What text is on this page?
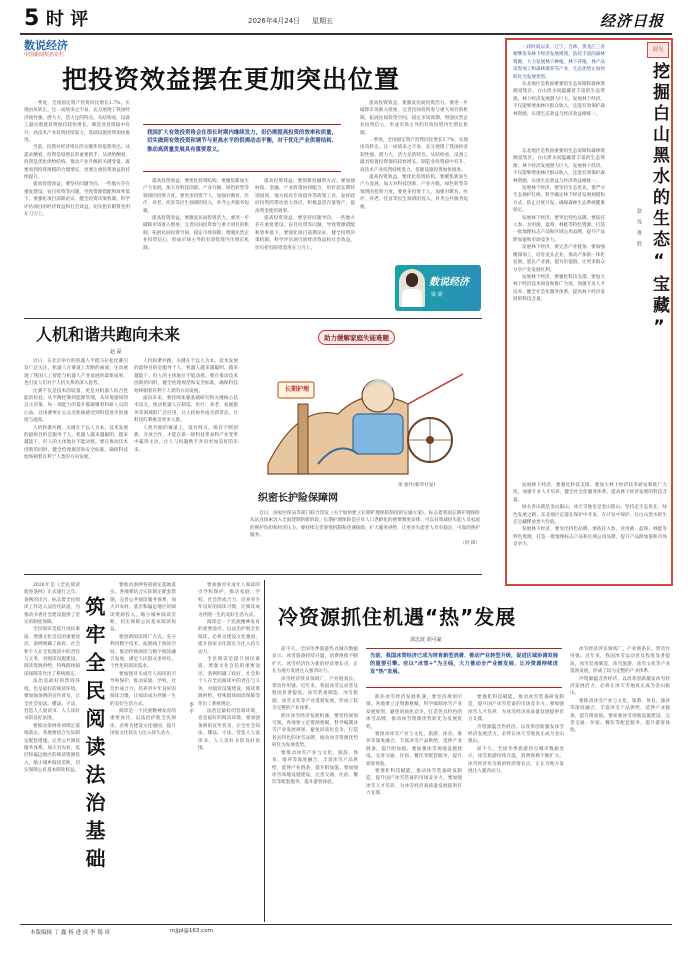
5 时 评	2026年4月24日 星期五	经济日报
数说经济
中国新闻奖名专栏
把投资效益摆在更加突出位置

一季度，全国固定资产投资同比增长1.7%，实现由负转正。这一成绩来之不易，充分展现了我国经济韧性强、潜力大、活力足的特点。从结构看，设备工器具购置投资保持较快增长，制造业投资稳中有升，高技术产业投资持续发力，基础设施投资加快推进。

当前，投资对经济增长的关键作用依然突出。从需求侧看，投资是稳增长的重要抓手；从供给侧看，投资是优化供给结构、推动产业升级的关键变量。既要看到投资规模的合理增长，更要注重投资效益的持续提升。

提高投资效益，要坚持问题导向。一些地方存在重复建设、盲目投资等问题，导致资源错配和效率低下。要强化项目前期论证，健全投资决策机制，科学评估项目的经济效益和社会效益，切实把有限资金用在刀刃上。

我国扩大有效投资将会在很长时期内继续发力，但仍需提高投资的效率和质量，切实做到有效投资和调节与更高水平的供需动态平衡，对于优化产业供需结构、推动高质量发展具有重要意义。

提高投资效益，要优化投资结构。要聚焦新质生产力发展，加大对科技创新、产业升级、绿色转型等领域的投资力度。要更多投资于人，加强对教育、医疗、养老、托育等民生领域的投入，补齐公共服务短板。

提高投资效益，要激发民间投资活力。要进一步破除市场准入壁垒，完善民间投资参与重大项目的机制，拓展民间投资空间，稳定市场预期，增强民营企业投资信心，形成市场主导的有效投资内生增长机制。

提高投资效益，要创新投融资方式。要加强财政、金融、产业政策协同配合，用好超长期特别国债、地方政府专项债券等政策工具，发挥政府投资的带动放大效应，积极盘活存量资产，提高资金使用效率。

提高投资效益，要坚持问题导向。一些地方存在重复建设、盲目投资等问题，导致资源错配和效率低下。要强化项目前期论证，健全投资决策机制，科学评估项目的经济效益和社会效益，切实把有限资金用在刀刃上。

提高投资效益，要激发民间投资活力。要进一步破除市场准入壁垒，完善民间投资参与重大项目的机制，拓展民间投资空间，稳定市场预期，增强民营企业投资信心，形成市场主导的有效投资内生增长机制。

一季度，全国固定资产投资同比增长1.7%，实现由负转正。这一成绩来之不易，充分展现了我国经济韧性强、潜力大、活力足的特点。从结构看，设备工器具购置投资保持较快增长，制造业投资稳中有升，高技术产业投资持续发力，基础设施投资加快推进。

提高投资效益，要优化投资结构。要聚焦新质生产力发展，加大对科技创新、产业升级、绿色转型等领域的投资力度。要更多投资于人，加强对教育、医疗、养老、托育等民生领域的投入，补齐公共服务短板。

数说经济
梁 婧
人机和谐共跑向未来
赵 磊

近日，在北京举行的机器人半程马拉松比赛引发广泛关注。机器人在赛道上奔跑的画面，生动展现了我国人工智能与机器人产业发展的最新成果，也引发人们对于人机关系的深入思考。

比赛不仅是技术的较量，更是对机器人综合性能的检验。从平衡控制到能源管理，从环境感知到自主决策，每一项能力的提升都凝聚着科研人员的心血。这场赛事让公众近距离感受到科技进步的速度与温度。

人机和谐共跑，关键在于以人为本。技术发展的最终目的是服务于人，机器人越来越聪明，越来越能干，但人的主体地位不能动摇。要在推动技术创新的同时，健全伦理规范和安全标准，确保科技始终朝着有利于人类的方向发展。

人机和谐共跑，关键在于以人为本。技术发展的最终目的是服务于人，机器人越来越聪明，越来越能干，但人的主体地位不能动摇。要在推动技术创新的同时，健全伦理规范和安全标准，确保科技始终朝着有利于人类的方向发展。

面向未来，要持续加强基础研究和关键核心技术攻关，推动机器人在制造、医疗、养老、家庭服务等领域的广泛应用，让人机协作成为新常态，让科技红利惠及更多人群。

人机共跑的赛道上，没有终点。唯有不断创新、开放合作，才能在新一轮科技革命和产业变革中赢得主动，让人与机器携手奔向更加美好的未来。

助力缓解家庭失能难题
长期护理
徐 骏作(新华社发)
织密长护险保障网

近日，国家医保局等部门联合印发《关于加快建立长期护理保险制度的实施方案》，标志着我国长期护理保险从试点探索迈入全面建制的新阶段。长期护理保险是应对人口老龄化的重要制度安排，可以有效减轻失能人员家庭的照护负担和经济压力。要持续完善筹资机制和待遇保障，扩大服务供给，让更多失能老人享有稳定、可靠的照护服务。

（时 锋）
筑牢全民阅读法治基础

2026年是《全民阅读促进条例》正式施行之年。条例的出台，标志着全民阅读工作迈入法治化轨道，为推动书香社会建设提供了坚实的制度保障。

全民阅读是提升国民素质、增强文化自信的重要途径。条例明确了政府、社会和个人在全民阅读中的责任与义务，对阅读设施建设、阅读资源供给、特殊群体阅读保障等作出了系统规定。

法治是最好的营商环境，也是最好的阅读环境。要加强条例的宣传普及，让全社会知法、懂法、守法，营造人人爱读书、人人读好书的良好氛围。

要推动条例各项规定落地落实。各地要结合实际制定配套措施，完善公共阅读服务体系，加大对农村、基层和偏远地区的阅读资源投入，缩小城乡阅读差距，切实保障公民基本阅读权益。

要推动条例各项规定落地落实。各地要结合实际制定配套措施，完善公共阅读服务体系，加大对农村、基层和偏远地区的阅读资源投入，缩小城乡阅读差距，切实保障公民基本阅读权益。

要创新阅读推广方式。充分利用数字技术，拓展线上阅读空间，推动传统阅读与数字阅读融合发展，满足人民群众多样化、个性化的阅读需求。

要加强对未成年人阅读的引导和保护，推动家庭、学校、社会形成合力，培养青少年良好的阅读习惯，让阅读成为伴随一生的美好生活方式。

阅读是一个民族精神发育的重要途径。以法治护航全民阅读，必将为建设文化强国、提升国家文化软实力注入持久动力。

李 平

要加强对未成年人阅读的引导和保护，推动家庭、学校、社会形成合力，培养青少年良好的阅读习惯，让阅读成为伴随一生的美好生活方式。

阅读是一个民族精神发育的重要途径。以法治护航全民阅读，必将为建设文化强国、提升国家文化软实力注入持久动力。

全民阅读是提升国民素质、增强文化自信的重要途径。条例明确了政府、社会和个人在全民阅读中的责任与义务，对阅读设施建设、阅读资源供给、特殊群体阅读保障等作出了系统规定。

法治是最好的营商环境，也是最好的阅读环境。要加强条例的宣传普及，让全社会知法、懂法、守法，营造人人爱读书、人人读好书的良好氛围。

冷资源抓住机遇“热”发展
郭忠波 胡可豪

前不久，全国冬季旅游热点城市数据显示，冰雪旅游持续升温，消费规模不断扩大。冰雪经济作为新的经济增长点，正在为地方发展注入强劲动力。

冰雪经济涉及领域广、产业链条长、带动作用强。近年来，我国冰雪运动普及程度显著提高，冰雪装备制造、冰雪旅游、冰雪文化等产业蓬勃发展，形成了较为完整的产业体系。

抓住冰雪经济发展机遇，要坚持规划引领。各地要立足资源禀赋，科学编制冰雪产业发展规划，避免同质化竞争，打造各具特色的冰雪品牌，推动冰雪资源优势转化为发展优势。

要推动冰雪产业与文化、旅游、体育、康养等深度融合，丰富冰雪产品供给，延伸产业链条，提升附加值。要加强冰雪场地设施建设，完善交通、住宿、餐饮等配套服务，提升游客体验。

当前，我国冰雪经济已成为培育新型消费、推动产业转型升级，促进区域协调发展的重要引擎。应以“冰雪+”为主线，大力推动全产业链发展，让冷资源持续迸发“热”发展。

抓住冰雪经济发展机遇，要坚持规划引领。各地要立足资源禀赋，科学编制冰雪产业发展规划，避免同质化竞争，打造各具特色的冰雪品牌，推动冰雪资源优势转化为发展优势。

要推动冰雪产业与文化、旅游、体育、康养等深度融合，丰富冰雪产品供给，延伸产业链条，提升附加值。要加强冰雪场地设施建设，完善交通、住宿、餐饮等配套服务，提升游客体验。

要强化科技赋能，推动冰雪装备研发制造，提升国产冰雪装备的市场竞争力。要加强冰雪人才培养，为冰雪经济高质量发展提供有力支撑。

要强化科技赋能，推动冰雪装备研发制造，提升国产冰雪装备的市场竞争力。要加强冰雪人才培养，为冰雪经济高质量发展提供有力支撑。

冷资源蕴含热经济。以改革创新激发冰雪经济发展活力，必将让冰天雪地真正成为金山银山。

前不久，全国冬季旅游热点城市数据显示，冰雪旅游持续升温，消费规模不断扩大。冰雪经济作为新的经济增长点，正在为地方发展注入强劲动力。

冰雪经济涉及领域广、产业链条长、带动作用强。近年来，我国冰雪运动普及程度显著提高，冰雪装备制造、冰雪旅游、冰雪文化等产业蓬勃发展，形成了较为完整的产业体系。

冷资源蕴含热经济。以改革创新激发冰雪经济发展活力，必将让冰天雪地真正成为金山银山。

要推动冰雪产业与文化、旅游、体育、康养等深度融合，丰富冰雪产品供给，延伸产业链条，提升附加值。要加强冰雪场地设施建设，完善交通、住宿、餐饮等配套服务，提升游客体验。

洞见
挖掘白山黑水的生态“宝藏”
赵 莲 鲁 胜

一段时间以来，辽宁、吉林、黑龙江三省相继发布林下经济发展规划，依托丰富的森林资源，大力发展林下种植、林下养殖、林产品采集加工和森林康养等产业，生态优势正加快转化为发展优势。

东北地区是我国重要的生态屏障和森林资源富集区。白山黑水间蕴藏着丰富的生态资源，林下经济发展潜力巨大。发展林下经济，不仅能够增加林区群众收入，还能有效保护森林资源，实现生态效益与经济效益相统一。

东北地区是我国重要的生态屏障和森林资源富集区。白山黑水间蕴藏着丰富的生态资源，林下经济发展潜力巨大。发展林下经济，不仅能够增加林区群众收入，还能有效保护森林资源，实现生态效益与经济效益相统一。

发展林下经济，要坚持生态优先。要严守生态保护红线，科学确定林下经济发展规模和方式，防止过度开发，确保森林生态系统健康稳定。

发展林下经济，要突出特色品牌。要依托人参、食用菌、蓝莓、林蛙等特色资源，打造一批地理标志产品和区域公用品牌，提升产品附加值和市场竞争力。

发展林下经济，要完善产业链条。要加强精深加工，培育龙头企业，推动产加销一体化发展，延长产业链、提升价值链，让更多群众分享产业发展红利。

发展林下经济，要强化科技支撑。要加大林下经济技术研发和推广力度，加强专业人才培养，健全社会化服务体系，提高林下经济发展的科技含量。

发展林下经济，要强化科技支撑。要加大林下经济技术研发和推广力度，加强专业人才培养，健全社会化服务体系，提高林下经济发展的科技含量。

绿水青山就是金山银山，冰天雪地也是金山银山。坚持走生态优先、绿色发展之路，东北地区定能在保护中开发、在开发中保护，让白山黑水的生态宝藏释放更大价值。

发展林下经济，要突出特色品牌。要依托人参、食用菌、蓝莓、林蛙等特色资源，打造一批地理标志产品和区域公用品牌，提升产品附加值和市场竞争力。

本版编辑 丁 鑫 杨 进 成 李 锡 琦	mjjpl@163.com
